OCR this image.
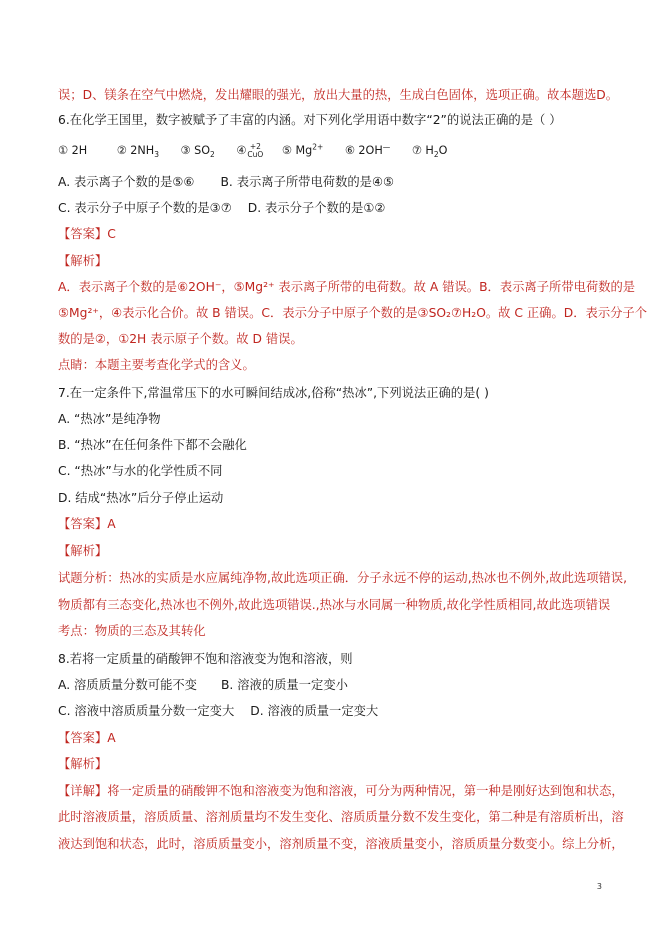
误；D、镁条在空气中燃烧，发出耀眼的强光，放出大量的热，生成白色固体，选项正确。故本题选D。
6.在化学王国里，数字被赋予了丰富的内涵。对下列化学用语中数字“2”的说法正确的是（ ）
① 2H	② $2NH_3$ ③ $SO_2$ ④ +2
CuO ⑤ $Mg^{2+}$ ⑥ 2OH— ⑦ $H_2O$
A. 表示离子个数的是⑤⑥ B. 表示离子所带电荷数的是④⑤
C. 表示分子中原子个数的是③⑦ D. 表示分子个数的是①②
【答案】C
【解析】
A．表示离子个数的是⑥2OH⁻，⑤Mg²⁺ 表示离子所带的电荷数。故 A 错误。B．表示离子所带电荷数的是
⑤Mg²⁺，④表示化合价。故 B 错误。C．表示分子中原子个数的是③SO₂⑦H₂O。故 C 正确。D．表示分子个
数的是②，①2H 表示原子个数。故 D 错误。
点睛：本题主要考查化学式的含义。
7.在一定条件下,常温常压下的水可瞬间结成冰,俗称“热冰”,下列说法正确的是( )
A. “热冰”是纯净物
B. “热冰”在任何条件下都不会融化
C. “热冰”与水的化学性质不同
D. 结成“热冰”后分子停止运动
【答案】A
【解析】
试题分析：热冰的实质是水应属纯净物,故此选项正确．分子永远不停的运动,热冰也不例外,故此选项错误,
物质都有三态变化,热冰也不例外,故此选项错误.,热冰与水同属一种物质,故化学性质相同,故此选项错误
考点：物质的三态及其转化
8.若将一定质量的硝酸钾不饱和溶液变为饱和溶液，则
A. 溶质质量分数可能不变 B. 溶液的质量一定变小
C. 溶液中溶质质量分数一定变大 D. 溶液的质量一定变大
【答案】A
【解析】
【详解】将一定质量的硝酸钾不饱和溶液变为饱和溶液，可分为两种情况，第一种是刚好达到饱和状态，
此时溶液质量，溶质质量、溶剂质量均不发生变化、溶质质量分数不发生变化，第二种是有溶质析出，溶
液达到饱和状态，此时，溶质质量变小，溶剂质量不变，溶液质量变小，溶质质量分数变小。综上分析，
3
